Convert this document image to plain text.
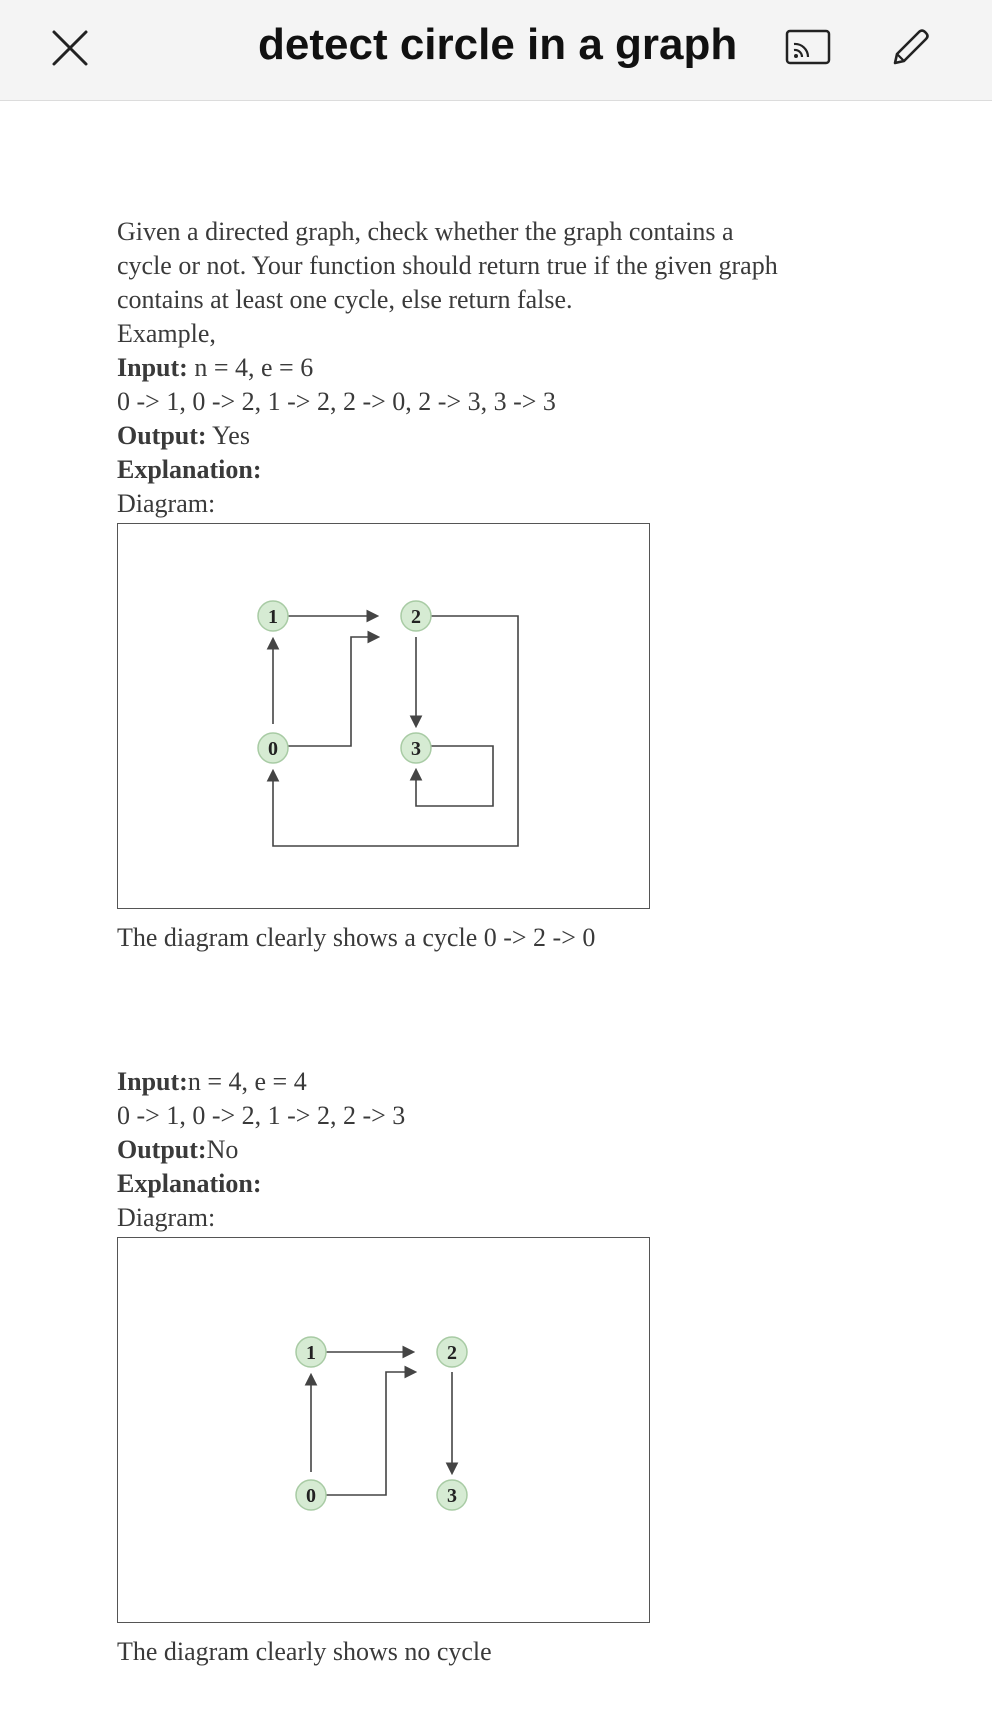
detect circle in a graph
Given a directed graph, check whether the graph contains a
cycle or not. Your function should return true if the given graph
contains at least one cycle, else return false.
Example,
Input: n = 4, e = 6
0 -> 1, 0 -> 2, 1 -> 2, 2 -> 0, 2 -> 3, 3 -> 3
Output: Yes
Explanation:
Diagram:
1	2
0	3
The diagram clearly shows a cycle 0 -> 2 -> 0
Input:n = 4, e = 4
0 -> 1, 0 -> 2, 1 -> 2, 2 -> 3
Output:No
Explanation:
Diagram:
1	2
0	3
The diagram clearly shows no cycle
